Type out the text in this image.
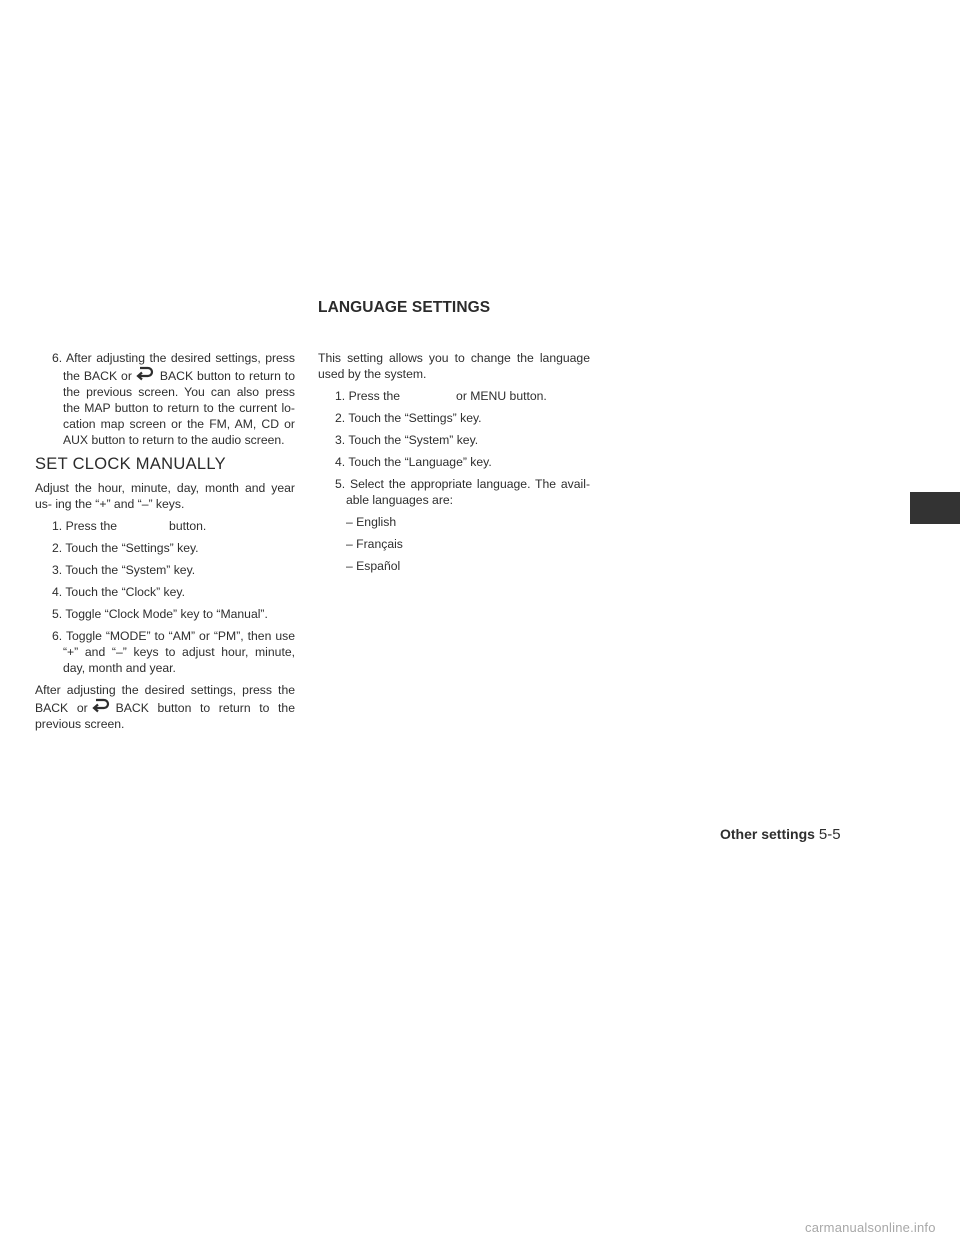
LANGUAGE SETTINGS
6. After adjusting the desired settings, press the BACK or BACK button to return to the previous screen. You can also press the MAP button to return to the current lo- cation map screen or the FM, AM, CD or AUX button to return to the audio screen.
SET CLOCK MANUALLY

Adjust the hour, minute, day, month and year us- ing the “+” and “–” keys.

1. Press the	button.
2. Touch the “Settings” key.
3. Touch the “System” key.
4. Touch the “Clock” key.
5. Toggle “Clock Mode” key to “Manual”.
6. Toggle “MODE” to “AM” or “PM”, then use “+” and “–” keys to adjust hour, minute, day, month and year.

After adjusting the desired settings, press the BACK or BACK button to return to the previous screen.

This setting allows you to change the language used by the system.

1. Press the	or MENU button.
2. Touch the “Settings” key.
3. Touch the “System” key.
4. Touch the “Language” key.
5. Select the appropriate language. The avail- able languages are:
– English
– Français
– Español
Other settings 5-5
carmanualsonline.info
